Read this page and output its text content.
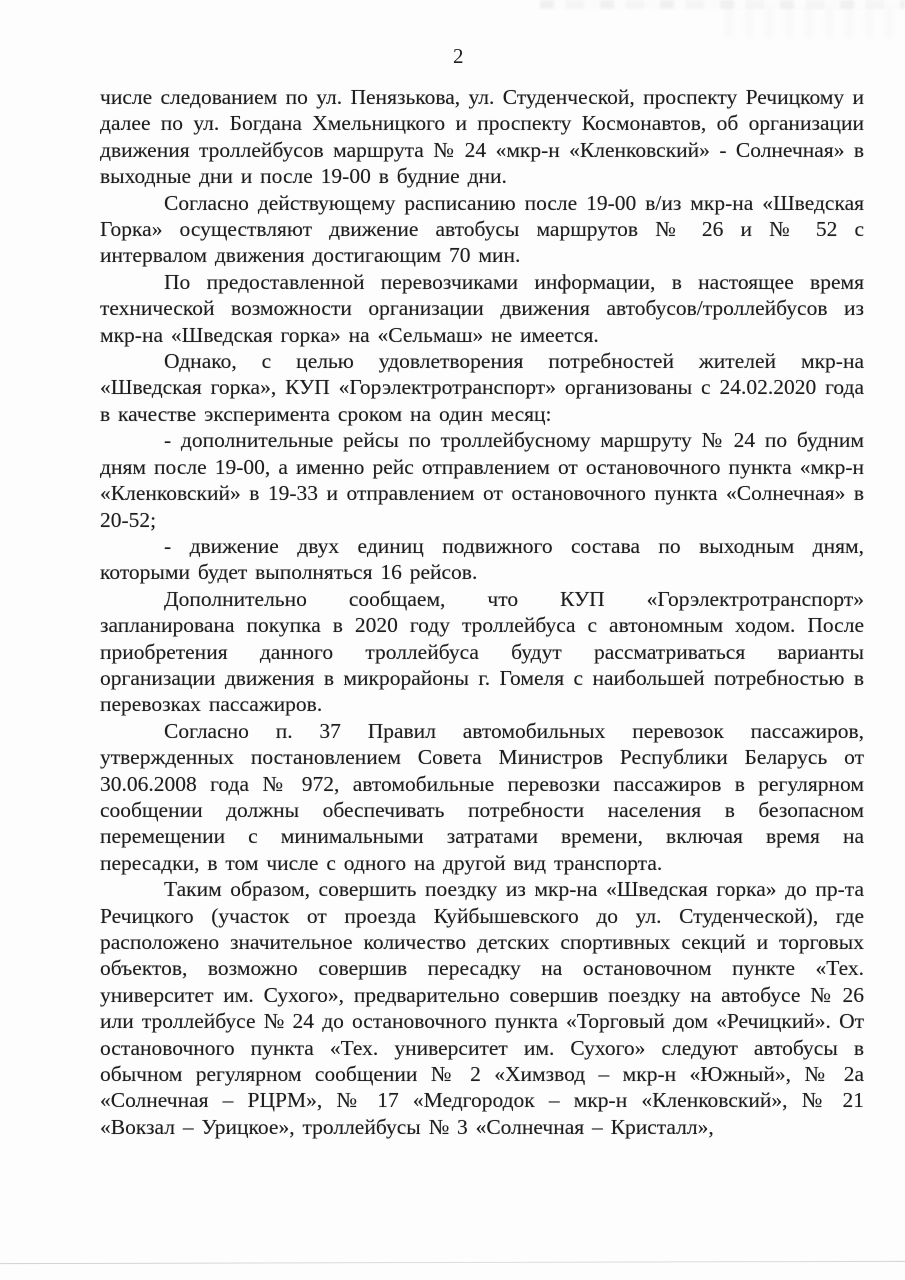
2

числе следованием по ул. Пенязькова, ул. Студенческой, проспекту Речицкому и далее по ул. Богдана Хмельницкого и проспекту Космонавтов, об организации движения троллейбусов маршрута № 24 «мкр-н «Кленковский» - Солнечная» в выходные дни и после 19-00 в будние дни.

Согласно действующему расписанию после 19-00 в/из мкр-на «Шведская Горка» осуществляют движение автобусы маршрутов № 26 и № 52 с интервалом движения достигающим 70 мин.

По предоставленной перевозчиками информации, в настоящее время технической возможности организации движения автобусов/троллейбусов из мкр-на «Шведская горка» на «Сельмаш» не имеется.

Однако, с целью удовлетворения потребностей жителей мкр-на «Шведская горка», КУП «Горэлектротранспорт» организованы с 24.02.2020 года в качестве эксперимента сроком на один месяц:

- дополнительные рейсы по троллейбусному маршруту № 24 по будним дням после 19-00, а именно рейс отправлением от остановочного пункта «мкр-н «Кленковский» в 19-33 и отправлением от остановочного пункта «Солнечная» в 20-52;

- движение двух единиц подвижного состава по выходным дням, которыми будет выполняться 16 рейсов.

Дополнительно сообщаем, что КУП «Горэлектротранспорт» запланирована покупка в 2020 году троллейбуса с автономным ходом. После приобретения данного троллейбуса будут рассматриваться варианты организации движения в микрорайоны г. Гомеля с наибольшей потребностью в перевозках пассажиров.

Согласно п. 37 Правил автомобильных перевозок пассажиров, утвержденных постановлением Совета Министров Республики Беларусь от 30.06.2008 года № 972, автомобильные перевозки пассажиров в регулярном сообщении должны обеспечивать потребности населения в безопасном перемещении с минимальными затратами времени, включая время на пересадки, в том числе с одного на другой вид транспорта.

Таким образом, совершить поездку из мкр-на «Шведская горка» до пр-та Речицкого (участок от проезда Куйбышевского до ул. Студенческой), где расположено значительное количество детских спортивных секций и торговых объектов, возможно совершив пересадку на остановочном пункте «Тех. университет им. Сухого», предварительно совершив поездку на автобусе № 26 или троллейбусе № 24 до остановочного пункта «Торговый дом «Речицкий». От остановочного пункта «Тех. университет им. Сухого» следуют автобусы в обычном регулярном сообщении № 2 «Химзвод – мкр-н «Южный», № 2а «Солнечная – РЦРМ», № 17 «Медгородок – мкр-н «Кленковский», № 21 «Вокзал – Урицкое», троллейбусы № 3 «Солнечная – Кристалл»,
